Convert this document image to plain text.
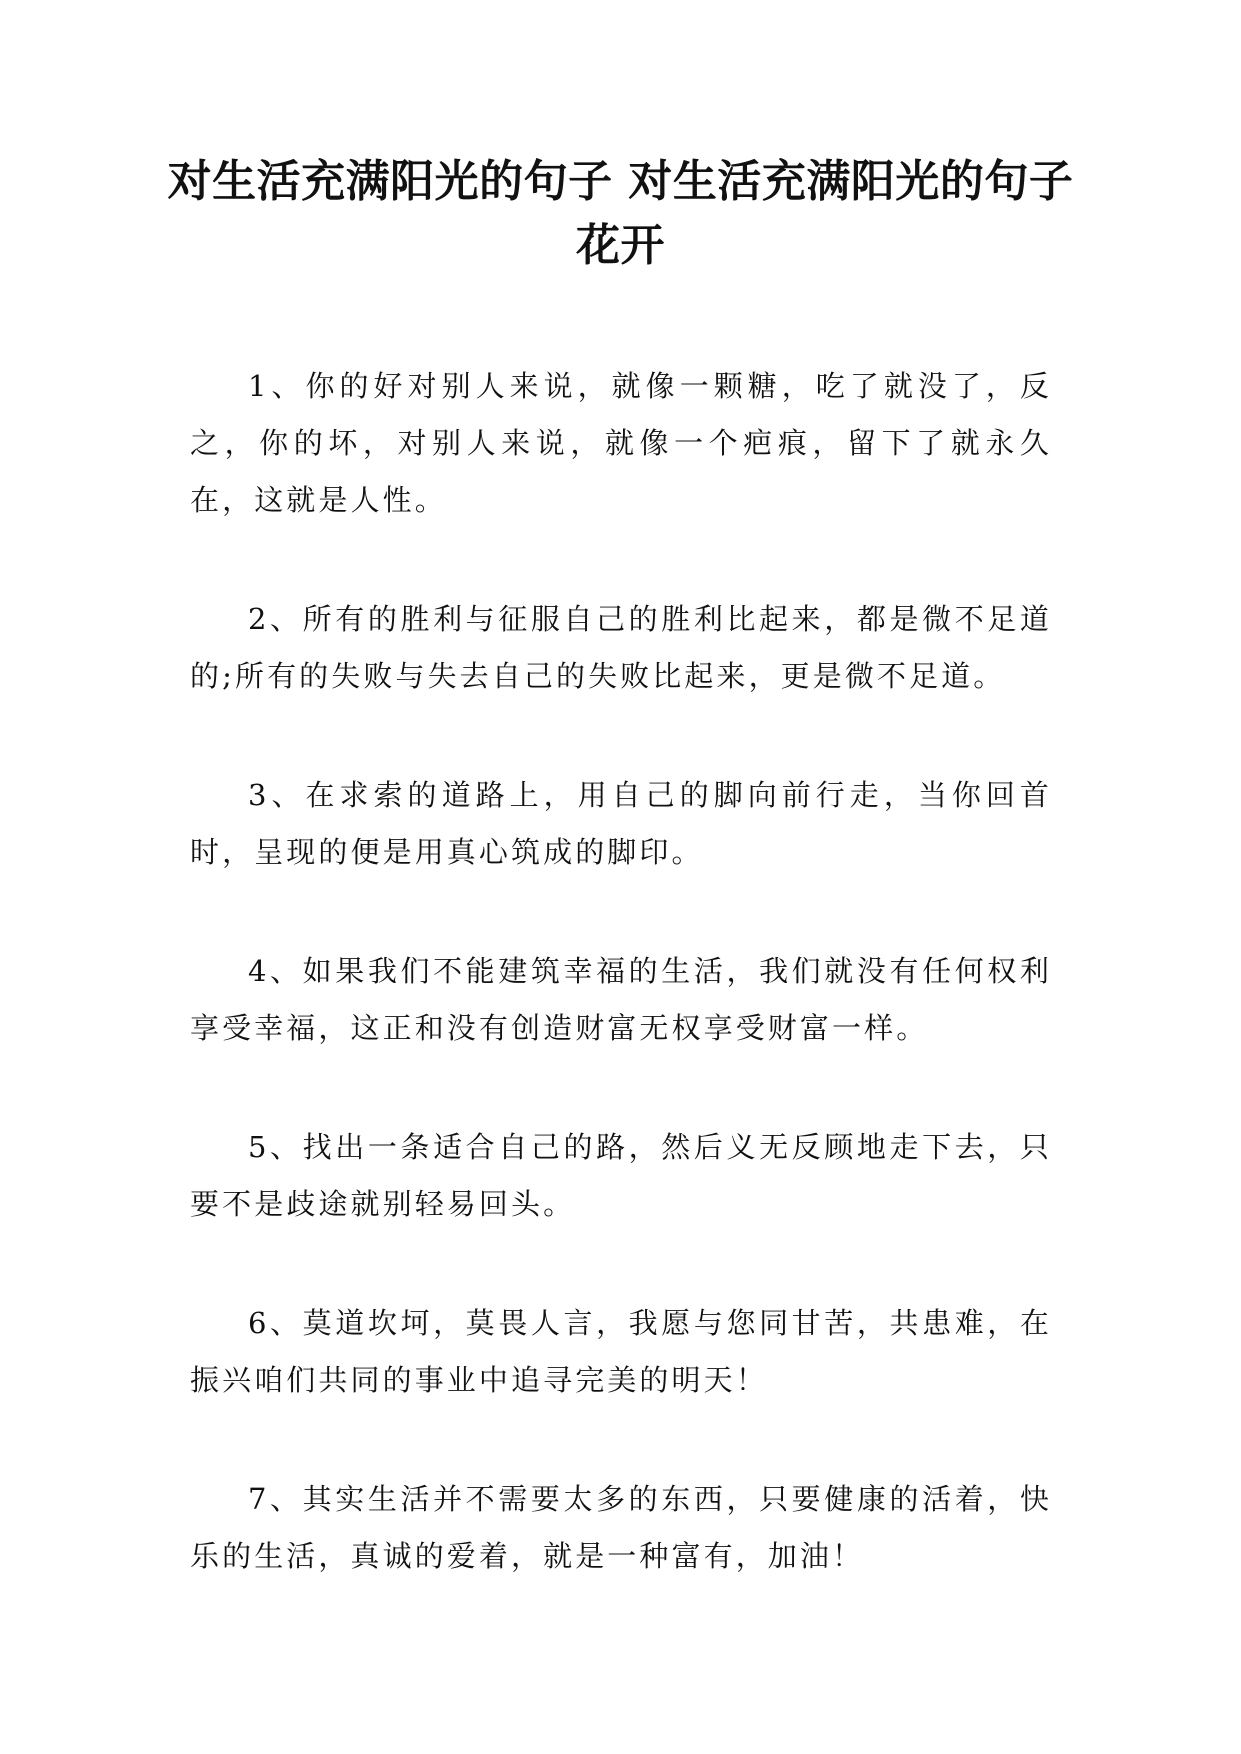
对生活充满阳光的句子 对生活充满阳光的句子 花开

1、你的好对别人来说，就像一颗糖，吃了就没了，反之，你的坏，对别人来说，就像一个疤痕，留下了就永久在，这就是人性。

2、所有的胜利与征服自己的胜利比起来，都是微不足道的;所有的失败与失去自己的失败比起来，更是微不足道。

3、在求索的道路上，用自己的脚向前行走，当你回首时，呈现的便是用真心筑成的脚印。

4、如果我们不能建筑幸福的生活，我们就没有任何权利享受幸福，这正和没有创造财富无权享受财富一样。

5、找出一条适合自己的路，然后义无反顾地走下去，只要不是歧途就别轻易回头。

6、莫道坎坷，莫畏人言，我愿与您同甘苦，共患难，在振兴咱们共同的事业中追寻完美的明天！

7、其实生活并不需要太多的东西，只要健康的活着，快乐的生活，真诚的爱着，就是一种富有，加油！
